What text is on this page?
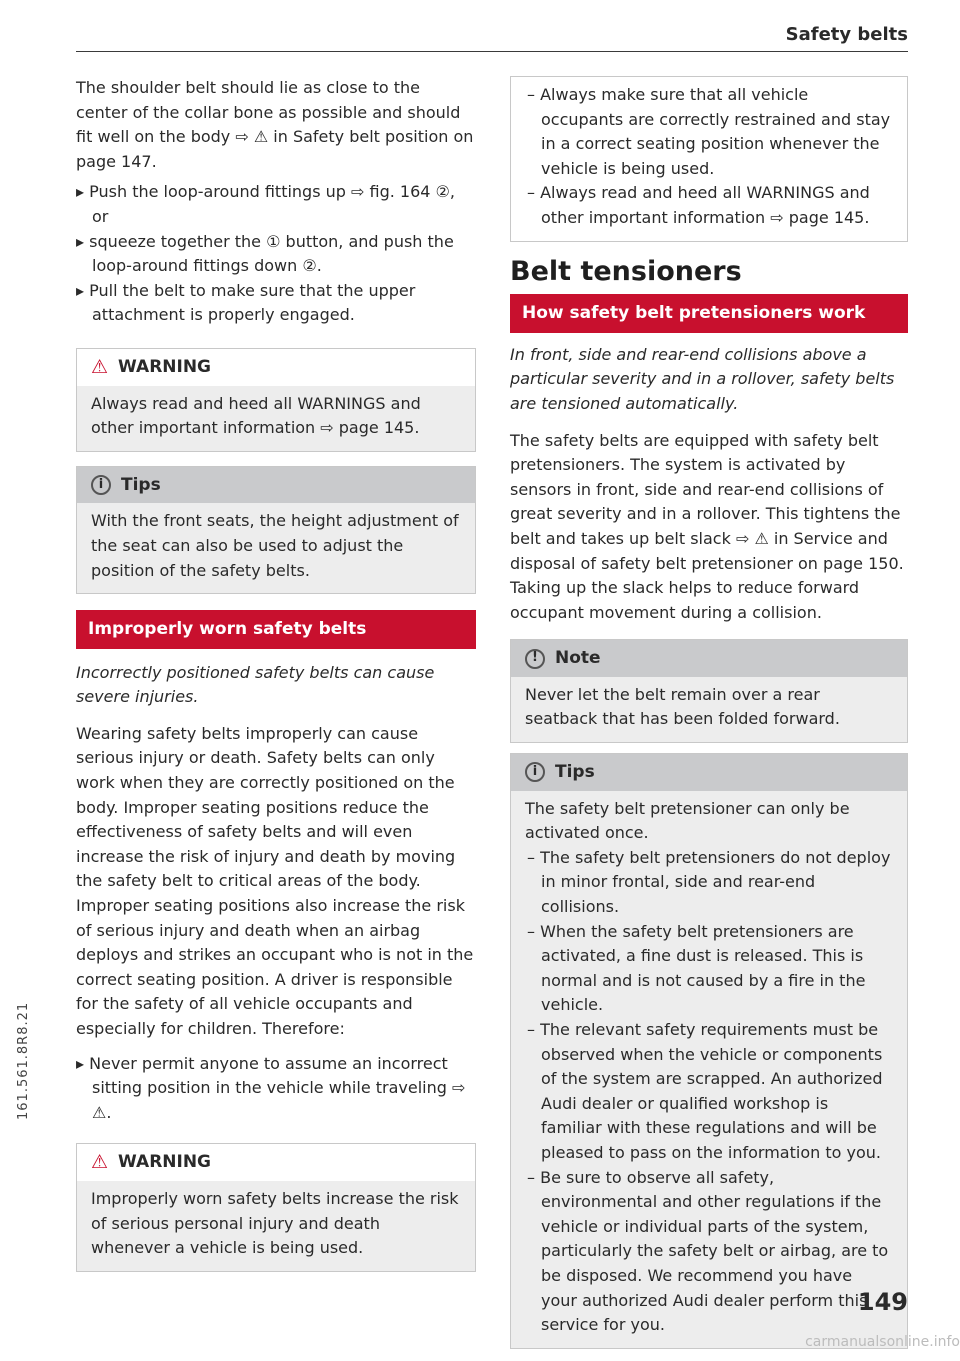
Safety belts

The shoulder belt should lie as close to the center of the collar bone as possible and should fit well on the body ⇨ ⚠ in Safety belt position on page 147.

▸ Push the loop-around fittings up ⇨ fig. 164 ②, or

▸ squeeze together the ① button, and push the loop-around fittings down ②.

▸ Pull the belt to make sure that the upper attachment is properly engaged.

⚠ WARNING
Always read and heed all WARNINGS and other important information ⇨ page 145.
i	Tips
With the front seats, the height adjustment of the seat can also be used to adjust the position of the safety belts.
Improperly worn safety belts

Incorrectly positioned safety belts can cause severe injuries.

Wearing safety belts improperly can cause serious injury or death. Safety belts can only work when they are correctly positioned on the body. Improper seating positions reduce the effectiveness of safety belts and will even increase the risk of injury and death by moving the safety belt to critical areas of the body. Improper seating positions also increase the risk of serious injury and death when an airbag deploys and strikes an occupant who is not in the correct seating position. A driver is responsible for the safety of all vehicle occupants and especially for children. Therefore:

▸ Never permit anyone to assume an incorrect sitting position in the vehicle while traveling ⇨ ⚠.

⚠ WARNING
Improperly worn safety belts increase the risk of serious personal injury and death whenever a vehicle is being used.

– Always make sure that all vehicle occupants are correctly restrained and stay in a correct seating position whenever the vehicle is being used.

– Always read and heed all WARNINGS and other important information ⇨ page 145.

Belt tensioners
How safety belt pretensioners work

In front, side and rear-end collisions above a particular severity and in a rollover, safety belts are tensioned automatically.

The safety belts are equipped with safety belt pretensioners. The system is activated by sensors in front, side and rear-end collisions of great severity and in a rollover. This tightens the belt and takes up belt slack ⇨ ⚠ in Service and disposal of safety belt pretensioner on page 150. Taking up the slack helps to reduce forward occupant movement during a collision.

!	Note
Never let the belt remain over a rear seatback that has been folded forward.
i	Tips

The safety belt pretensioner can only be activated once.

– The safety belt pretensioners do not deploy in minor frontal, side and rear-end collisions.

– When the safety belt pretensioners are activated, a fine dust is released. This is normal and is not caused by a fire in the vehicle.

– The relevant safety requirements must be observed when the vehicle or components of the system are scrapped. An authorized Audi dealer or qualified workshop is familiar with these regulations and will be pleased to pass on the information to you.

– Be sure to observe all safety, environmental and other regulations if the vehicle or individual parts of the system, particularly the safety belt or airbag, are to be disposed. We recommend you have your authorized Audi dealer perform this service for you.

161.561.8R8.21
149
carmanualsonline.info
